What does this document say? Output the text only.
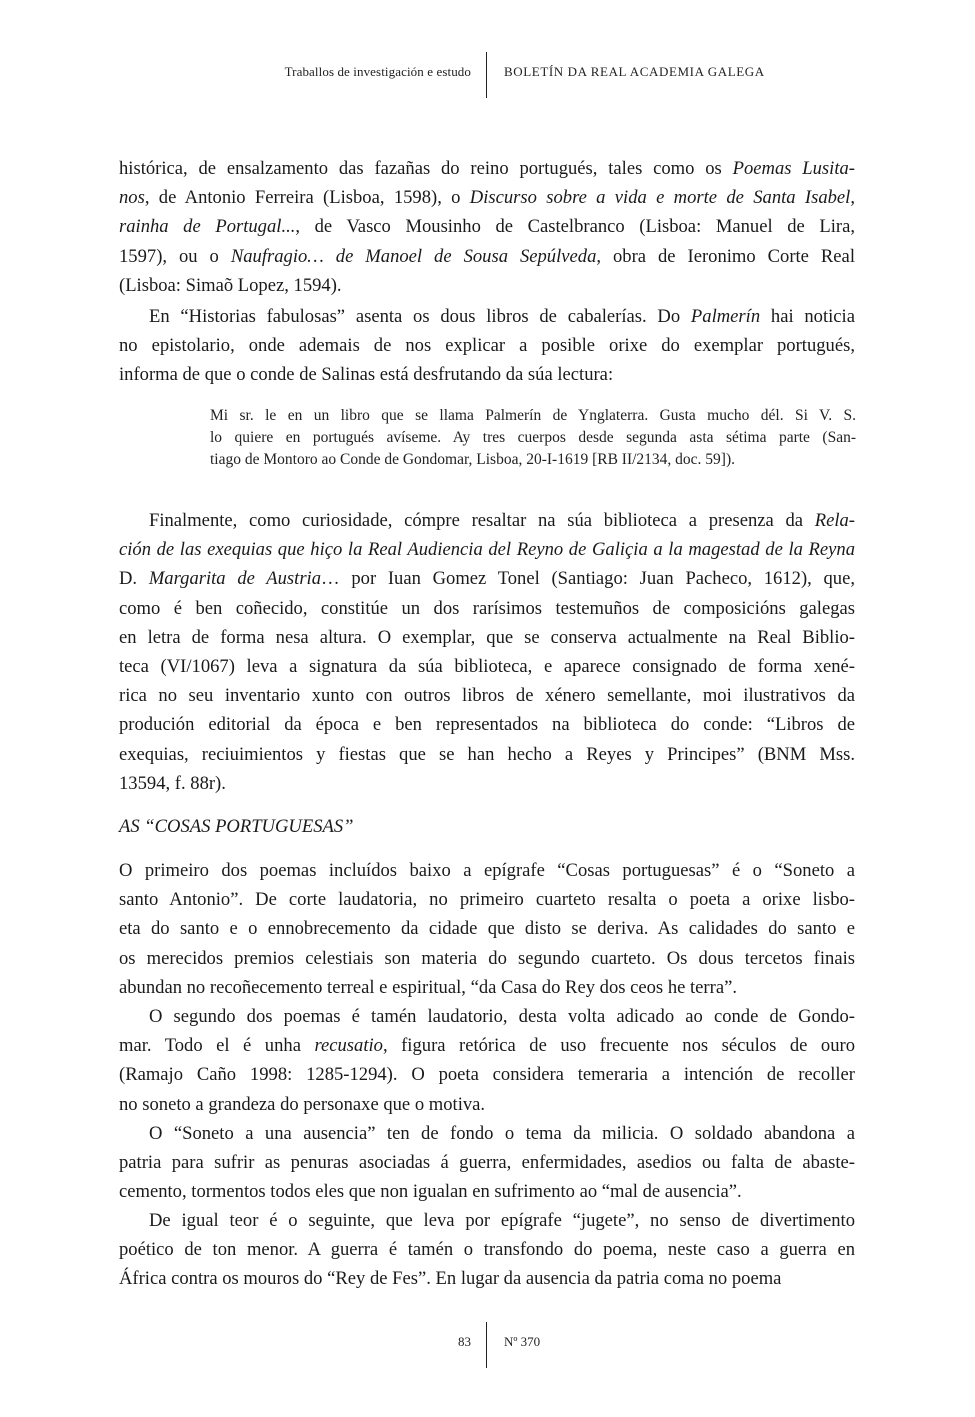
Traballos de investigación e estudo	BOLETÍN DA REAL ACADEMIA GALEGA
histórica, de ensalzamento das fazañas do reino portugués, tales como os Poemas Lusita-
nos, de Antonio Ferreira (Lisboa, 1598), o Discurso sobre a vida e morte de Santa Isabel,
rainha de Portugal..., de Vasco Mousinho de Castelbranco (Lisboa: Manuel de Lira,
1597), ou o Naufragio… de Manoel de Sousa Sepúlveda, obra de Ieronimo Corte Real
(Lisboa: Simaõ Lopez, 1594).
En “Historias fabulosas” asenta os dous libros de cabalerías. Do Palmerín hai noticia
no epistolario, onde ademais de nos explicar a posible orixe do exemplar portugués,
informa de que o conde de Salinas está desfrutando da súa lectura:
Finalmente, como curiosidade, cómpre resaltar na súa biblioteca a presenza da Rela-
ción de las exequias que hiço la Real Audiencia del Reyno de Galiçia a la magestad de la Reyna
D. Margarita de Austria… por Iuan Gomez Tonel (Santiago: Juan Pacheco, 1612), que,
como é ben coñecido, constitúe un dos rarísimos testemuños de composicións galegas
en letra de forma nesa altura. O exemplar, que se conserva actualmente na Real Biblio-
teca (VI/1067) leva a signatura da súa biblioteca, e aparece consignado de forma xené-
rica no seu inventario xunto con outros libros de xénero semellante, moi ilustrativos da
produción editorial da época e ben representados na biblioteca do conde: “Libros de
exequias, reciuimientos y fiestas que se han hecho a Reyes y Principes” (BNM Mss.
13594, f. 88r).
O primeiro dos poemas incluídos baixo a epígrafe “Cosas portuguesas” é o “Soneto a
santo Antonio”. De corte laudatoria, no primeiro cuarteto resalta o poeta a orixe lisbo-
eta do santo e o ennobrecemento da cidade que disto se deriva. As calidades do santo e
os merecidos premios celestiais son materia do segundo cuarteto. Os dous tercetos finais
abundan no recoñecemento terreal e espiritual, “da Casa do Rey dos ceos he terra”.
O segundo dos poemas é tamén laudatorio, desta volta adicado ao conde de Gondo-
mar. Todo el é unha recusatio, figura retórica de uso frecuente nos séculos de ouro
(Ramajo Caño 1998: 1285-1294). O poeta considera temeraria a intención de recoller
no soneto a grandeza do personaxe que o motiva.
O “Soneto a una ausencia” ten de fondo o tema da milicia. O soldado abandona a
patria para sufrir as penuras asociadas á guerra, enfermidades, asedios ou falta de abaste-
cemento, tormentos todos eles que non igualan en sufrimento ao “mal de ausencia”.
De igual teor é o seguinte, que leva por epígrafe “jugete”, no senso de divertimento
poético de ton menor. A guerra é tamén o transfondo do poema, neste caso a guerra en
África contra os mouros do “Rey de Fes”. En lugar da ausencia da patria coma no poema
Mi sr. le en un libro que se llama Palmerín de Ynglaterra. Gusta mucho dél. Si V. S.
lo quiere en portugués avíseme. Ay tres cuerpos desde segunda asta sétima parte (San-
tiago de Montoro ao Conde de Gondomar, Lisboa, 20-I-1619 [RB II/2134, doc. 59]).
AS “COSAS PORTUGUESAS”
83	Nº 370
